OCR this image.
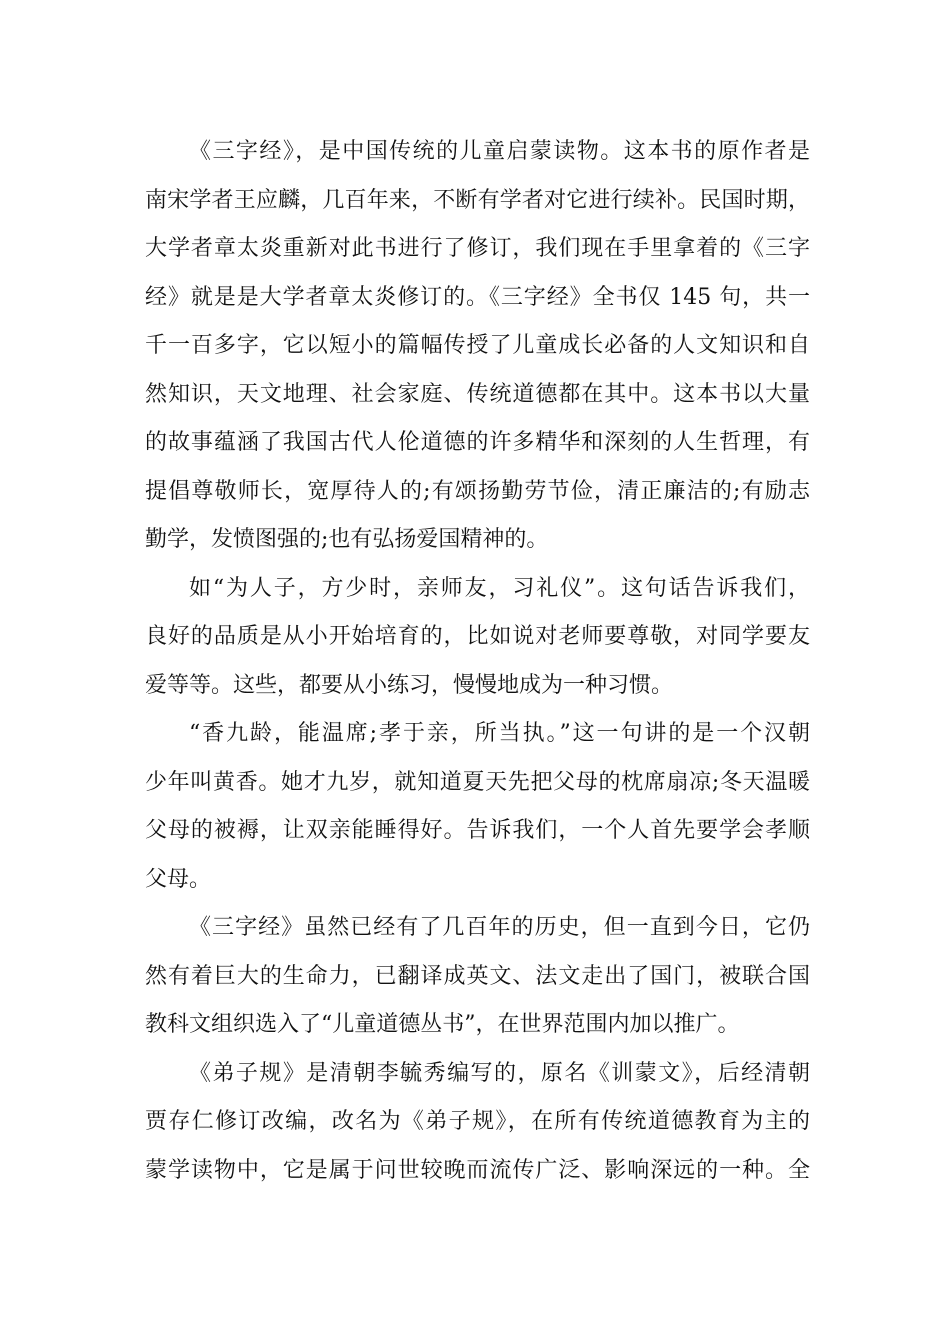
《三字经》，是中国传统的儿童启蒙读物。这本书的原作者是
南宋学者王应麟，几百年来，不断有学者对它进行续补。民国时期，
大学者章太炎重新对此书进行了修订，我们现在手里拿着的《三字
经》就是是大学者章太炎修订的。《三字经》全书仅 145 句，共一
千一百多字，它以短小的篇幅传授了儿童成长必备的人文知识和自
然知识，天文地理、社会家庭、传统道德都在其中。这本书以大量
的故事蕴涵了我国古代人伦道德的许多精华和深刻的人生哲理，有
提倡尊敬师长，宽厚待人的;有颂扬勤劳节俭，清正廉洁的;有励志
勤学，发愤图强的;也有弘扬爱国精神的。
如“为人子，方少时，亲师友，习礼仪”。这句话告诉我们，
良好的品质是从小开始培育的，比如说对老师要尊敬，对同学要友
爱等等。这些，都要从小练习，慢慢地成为一种习惯。
“香九龄，能温席;孝于亲，所当执。”这一句讲的是一个汉朝
少年叫黄香。她才九岁，就知道夏天先把父母的枕席扇凉;冬天温暖
父母的被褥，让双亲能睡得好。告诉我们，一个人首先要学会孝顺
父母。
《三字经》虽然已经有了几百年的历史，但一直到今日，它仍
然有着巨大的生命力，已翻译成英文、法文走出了国门，被联合国
教科文组织选入了“儿童道德丛书”，在世界范围内加以推广。
《弟子规》是清朝李毓秀编写的，原名《训蒙文》，后经清朝
贾存仁修订改编，改名为《弟子规》，在所有传统道德教育为主的
蒙学读物中，它是属于问世较晚而流传广泛、影响深远的一种。全
